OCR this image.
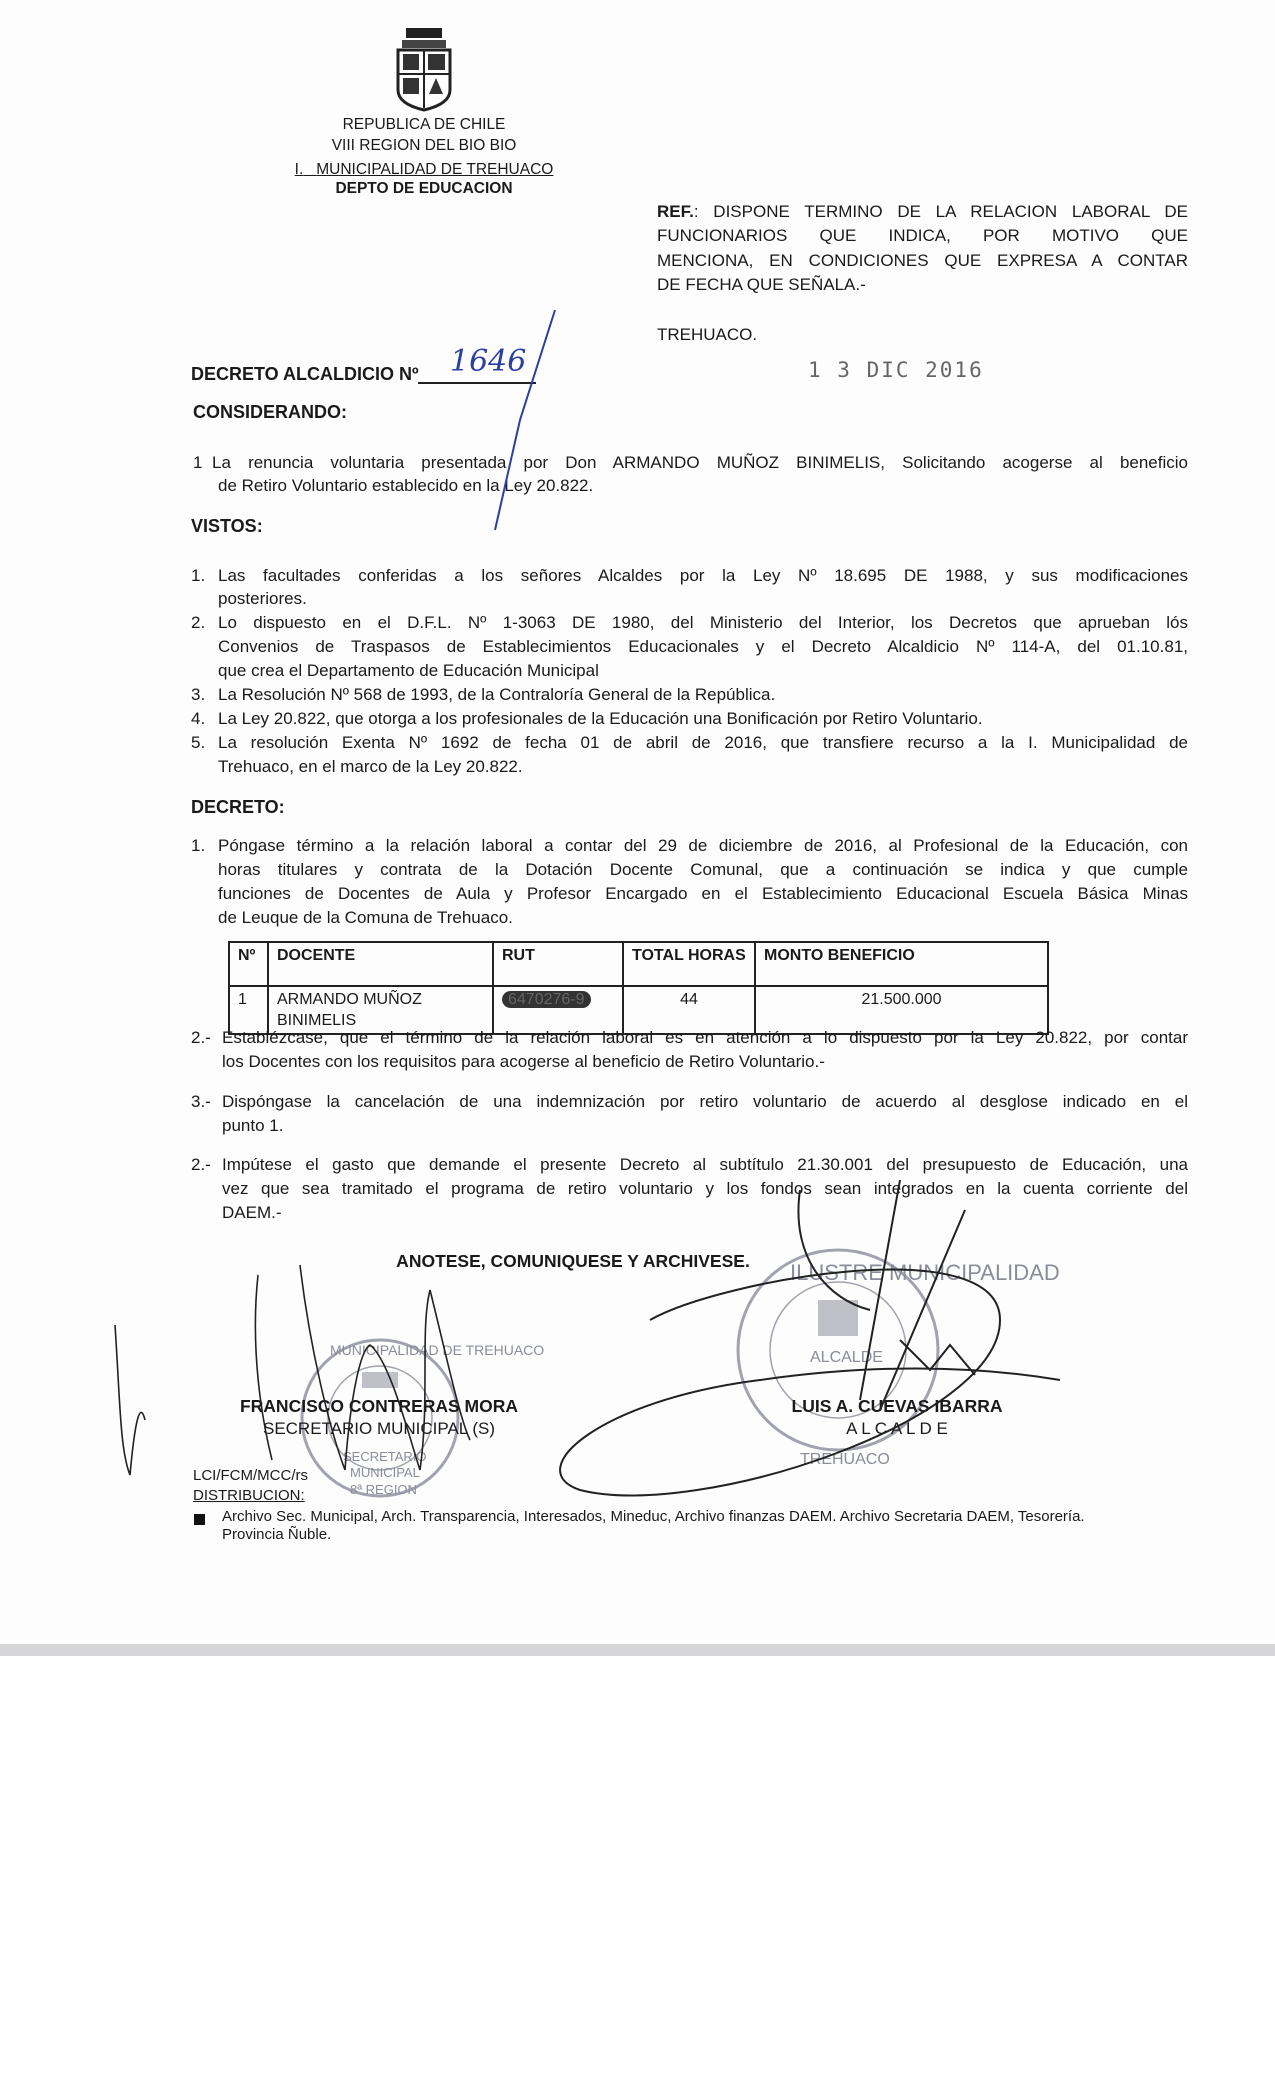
REPUBLICA DE CHILE
VIII REGION DEL BIO BIO
I. MUNICIPALIDAD DE TREHUACO
DEPTO DE EDUCACION
REF.: DISPONE TERMINO DE LA RELACION LABORAL DE
FUNCIONARIOS QUE INDICA, POR MOTIVO QUE
MENCIONA, EN CONDICIONES QUE EXPRESA A CONTAR
DE FECHA QUE SEÑALA.-
TREHUACO.
1 3 DIC 2016
DECRETO ALCALDICIO Nº 1646
CONSIDERANDO:
1 La renuncia voluntaria presentada por Don ARMANDO MUÑOZ BINIMELIS, Solicitando acogerse al beneficio
de Retiro Voluntario establecido en la Ley 20.822.
VISTOS:
1. Las facultades conferidas a los señores Alcaldes por la Ley Nº 18.695 DE 1988, y sus modificaciones
posteriores.
2. Lo dispuesto en el D.F.L. Nº 1-3063 DE 1980, del Ministerio del Interior, los Decretos que aprueban lós
Convenios de Traspasos de Establecimientos Educacionales y el Decreto Alcaldicio Nº 114-A, del 01.10.81,
que crea el Departamento de Educación Municipal
3. La Resolución Nº 568 de 1993, de la Contraloría General de la República.
4. La Ley 20.822, que otorga a los profesionales de la Educación una Bonificación por Retiro Voluntario.
5. La resolución Exenta Nº 1692 de fecha 01 de abril de 2016, que transfiere recurso a la I. Municipalidad de
Trehuaco, en el marco de la Ley 20.822.
DECRETO:
1. Póngase término a la relación laboral a contar del 29 de diciembre de 2016, al Profesional de la Educación, con
horas titulares y contrata de la Dotación Docente Comunal, que a continuación se indica y que cumple
funciones de Docentes de Aula y Profesor Encargado en el Establecimiento Educacional Escuela Básica Minas
de Leuque de la Comuna de Trehuaco.
Nº	DOCENTE	RUT	TOTAL HORAS	MONTO BENEFICIO
1	ARMANDO MUÑOZ BINIMELIS	6470276-9	44	21.500.000
2.- Establézcase, que el término de la relación laboral es en atención a lo dispuesto por la Ley 20.822, por contar
los Docentes con los requisitos para acogerse al beneficio de Retiro Voluntario.-
3.- Dispóngase la cancelación de una indemnización por retiro voluntario de acuerdo al desglose indicado en el
punto 1.
2.- Impútese el gasto que demande el presente Decreto al subtítulo 21.30.001 del presupuesto de Educación, una
vez que sea tramitado el programa de retiro voluntario y los fondos sean integrados en la cuenta corriente del
DAEM.-
ANOTESE, COMUNIQUESE Y ARCHIVESE. ILUSTRE MUNICIPALIDAD
ALCALDE
TREHUACO
MUNICIPALIDAD DE TREHUACO
SECRETARIO
MUNICIPAL
8ª REGION
FRANCISCO CONTRERAS MORA
SECRETARIO MUNICIPAL (S)
LUIS A. CUEVAS IBARRA
A L C A L D E
LCI/FCM/MCC/rs
DISTRIBUCION:
Archivo Sec. Municipal, Arch. Transparencia, Interesados, Mineduc, Archivo finanzas DAEM. Archivo Secretaria DAEM, Tesorería.
Provincia Ñuble.
